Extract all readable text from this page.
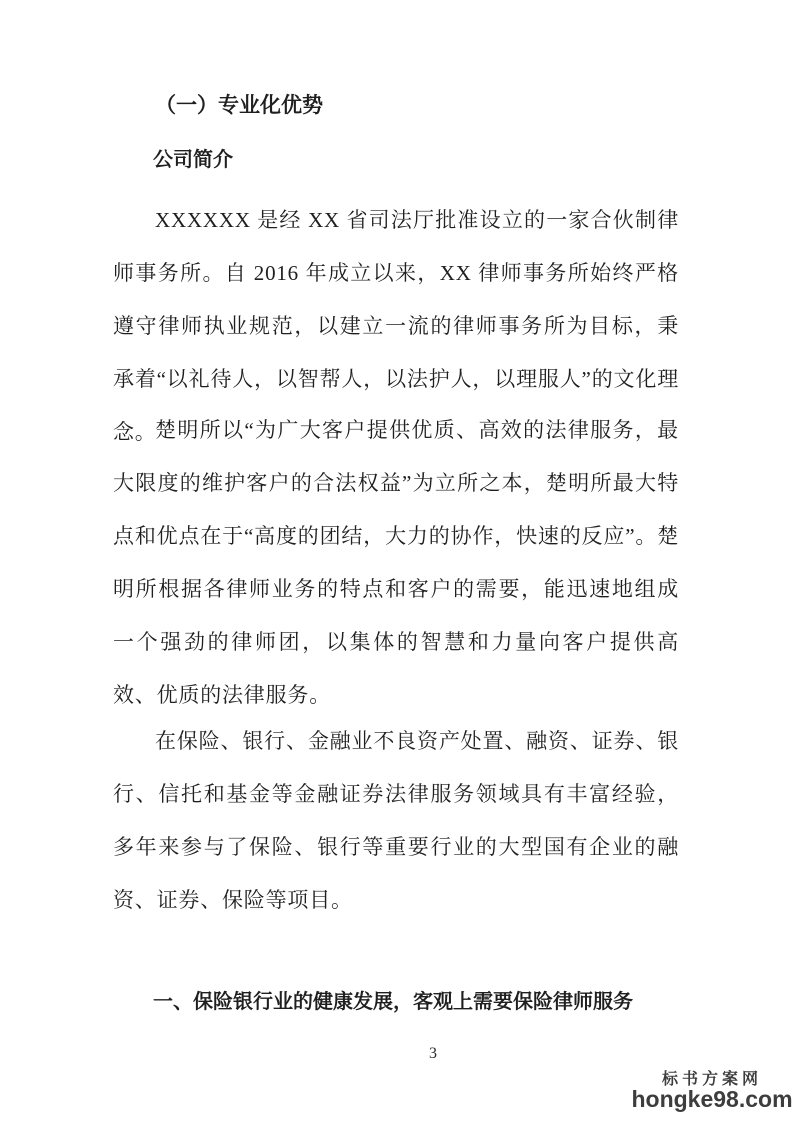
（一）专业化优势
公司简介

XXXXXX 是经 XX 省司法厅批准设立的一家合伙制律师事务所。自 2016 年成立以来，XX 律师事务所始终严格遵守律师执业规范，以建立一流的律师事务所为目标，秉承着“以礼待人，以智帮人，以法护人，以理服人”的文化理念。

楚明所以“为广大客户提供优质、高效的法律服务，最大限度的维护客户的合法权益”为立所之本，楚明所最大特点和优点在于“高度的团结，大力的协作，快速的反应”。楚明所根据各律师业务的特点和客户的需要，能迅速地组成一个强劲的律师团，以集体的智慧和力量向客户提供高效、优质的法律服务。

在保险、银行、金融业不良资产处置、融资、证券、银行、信托和基金等金融证券法律服务领域具有丰富经验，多年来参与了保险、银行等重要行业的大型国有企业的融资、证券、保险等项目。

一、保险银行业的健康发展，客观上需要保险律师服务
3
标书方案网
hongke98.com
